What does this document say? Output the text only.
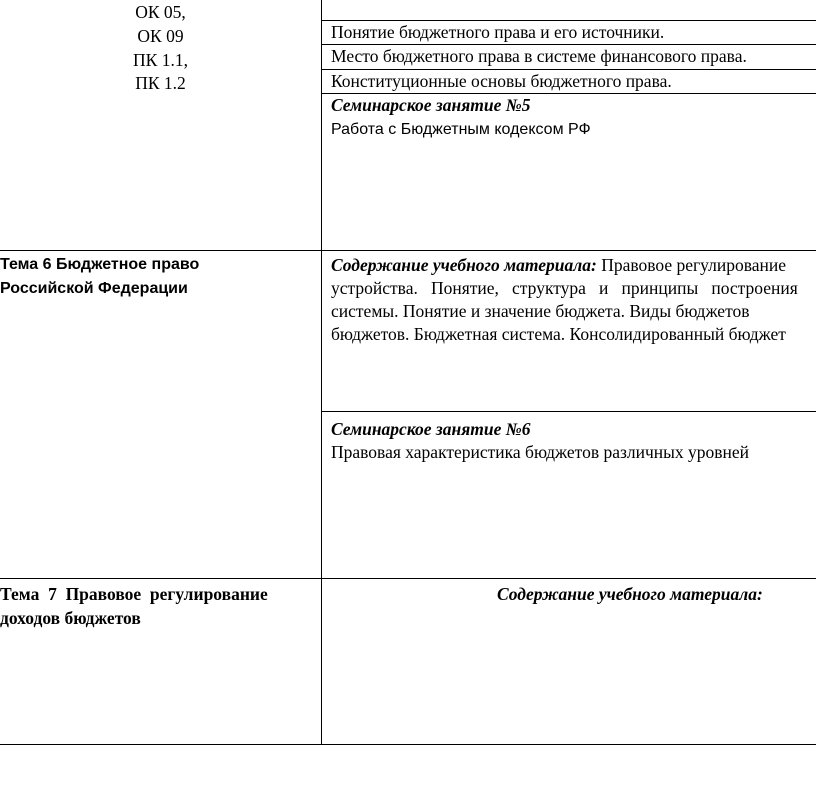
ОК 05,
ОК 09
ПК 1.1,
ПК 1.2
Понятие бюджетного права и его источники.
Место бюджетного права в системе финансового права.
Конституционные основы бюджетного права.
Семинарское занятие №5
Работа с Бюджетным кодексом РФ
Тема 6 Бюджетное право
Российской Федерации
Содержание учебного материала: Правовое регулирование
устройства.   Понятие,   структура   и   принципы   построения
системы. Понятие и значение бюджета. Виды бюджетов
бюджетов. Бюджетная система. Консолидированный бюджет
Семинарское занятие №6
Правовая характеристика бюджетов различных уровней
Тема  7  Правовое  регулирование
доходов бюджетов
Содержание учебного материала:
